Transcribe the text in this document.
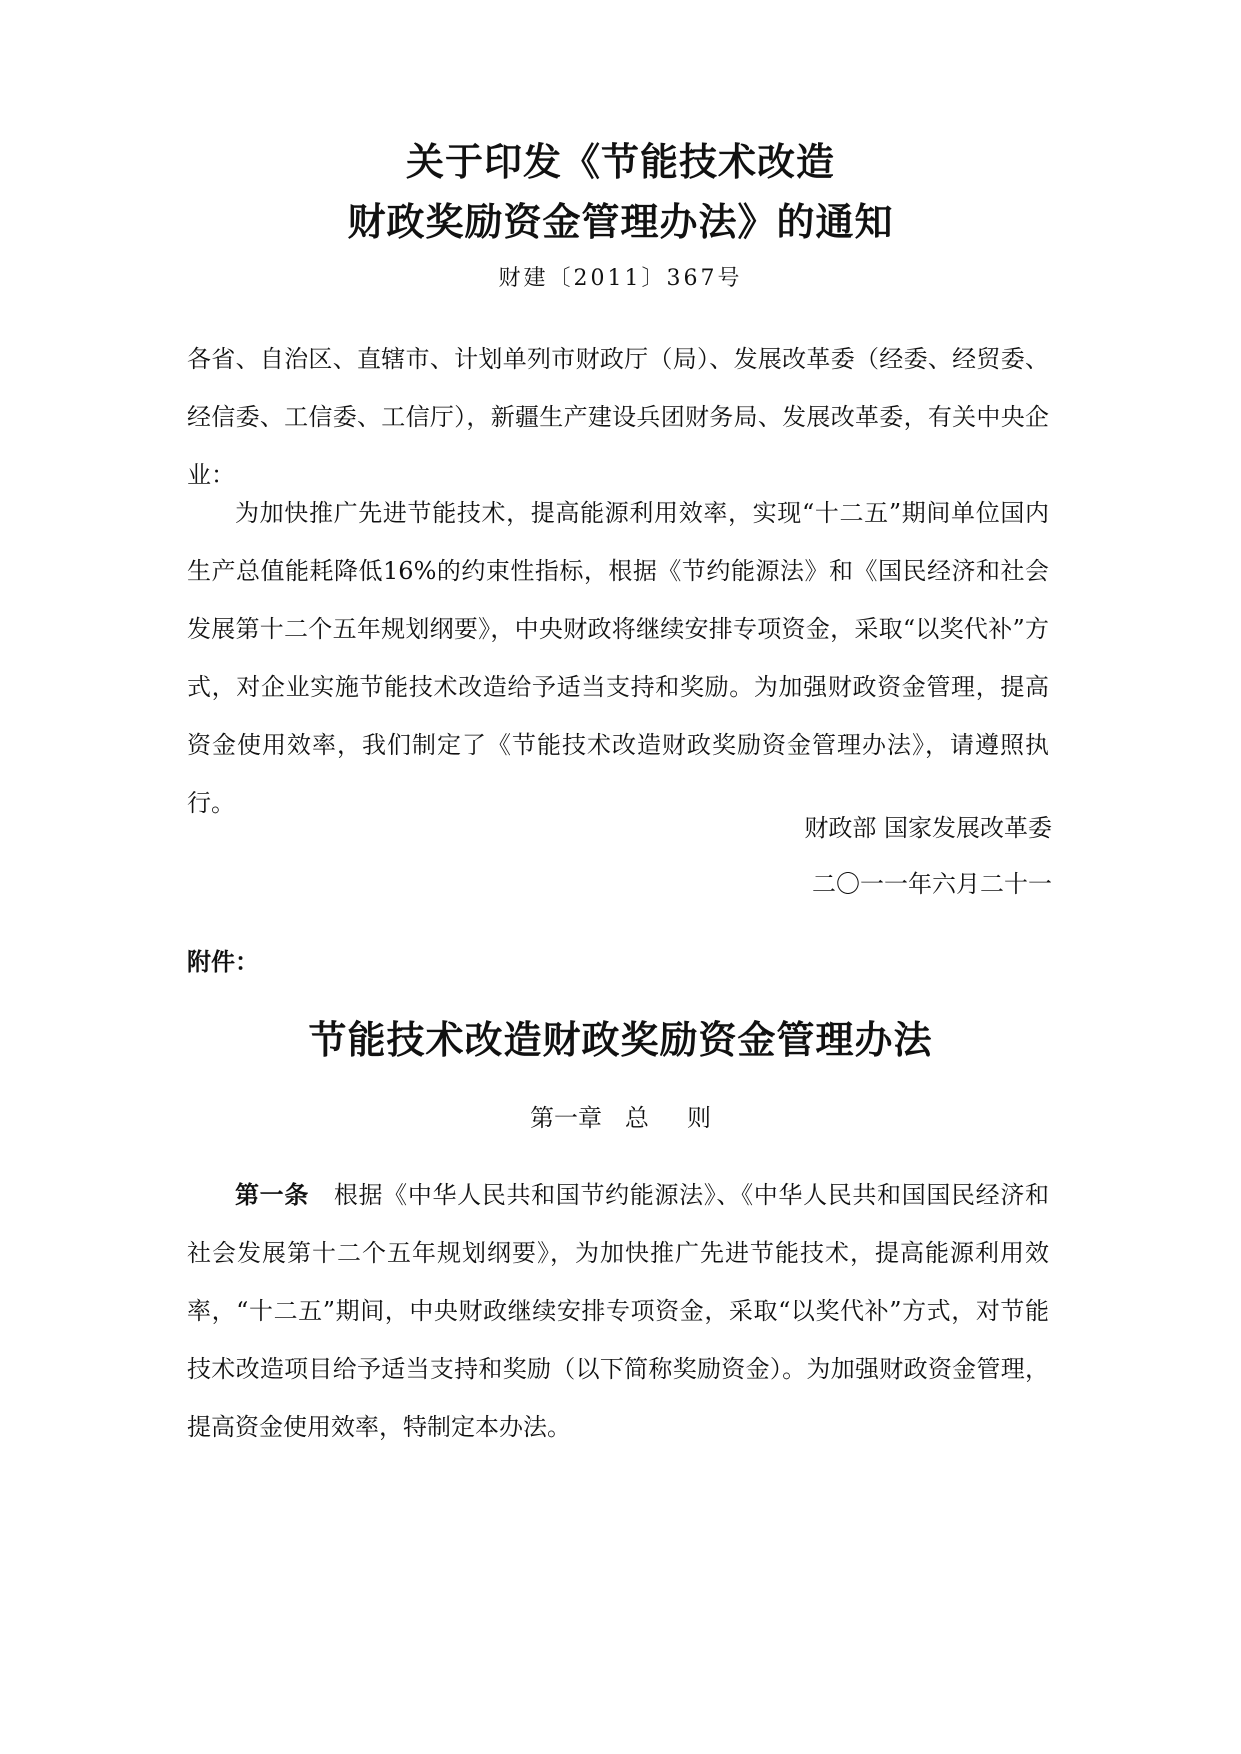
关于印发《节能技术改造
财政奖励资金管理办法》的通知
财建〔2011〕367号

各省、自治区、直辖市、计划单列市财政厅（局）、发展改革委（经委、经贸委、经信委、工信委、工信厅），新疆生产建设兵团财务局、发展改革委，有关中央企业：

为加快推广先进节能技术，提高能源利用效率，实现“十二五”期间单位国内生产总值能耗降低16%的约束性指标，根据《节约能源法》和《国民经济和社会发展第十二个五年规划纲要》，中央财政将继续安排专项资金，采取“以奖代补”方式，对企业实施节能技术改造给予适当支持和奖励。为加强财政资金管理，提高资金使用效率，我们制定了《节能技术改造财政奖励资金管理办法》，请遵照执行。

财政部 国家发展改革委
二〇一一年六月二十一
附件：
节能技术改造财政奖励资金管理办法
第一章   总     则

第一条 根据《中华人民共和国节约能源法》、《中华人民共和国国民经济和社会发展第十二个五年规划纲要》，为加快推广先进节能技术，提高能源利用效率，“十二五”期间，中央财政继续安排专项资金，采取“以奖代补”方式，对节能技术改造项目给予适当支持和奖励（以下简称奖励资金）。为加强财政资金管理，提高资金使用效率，特制定本办法。
